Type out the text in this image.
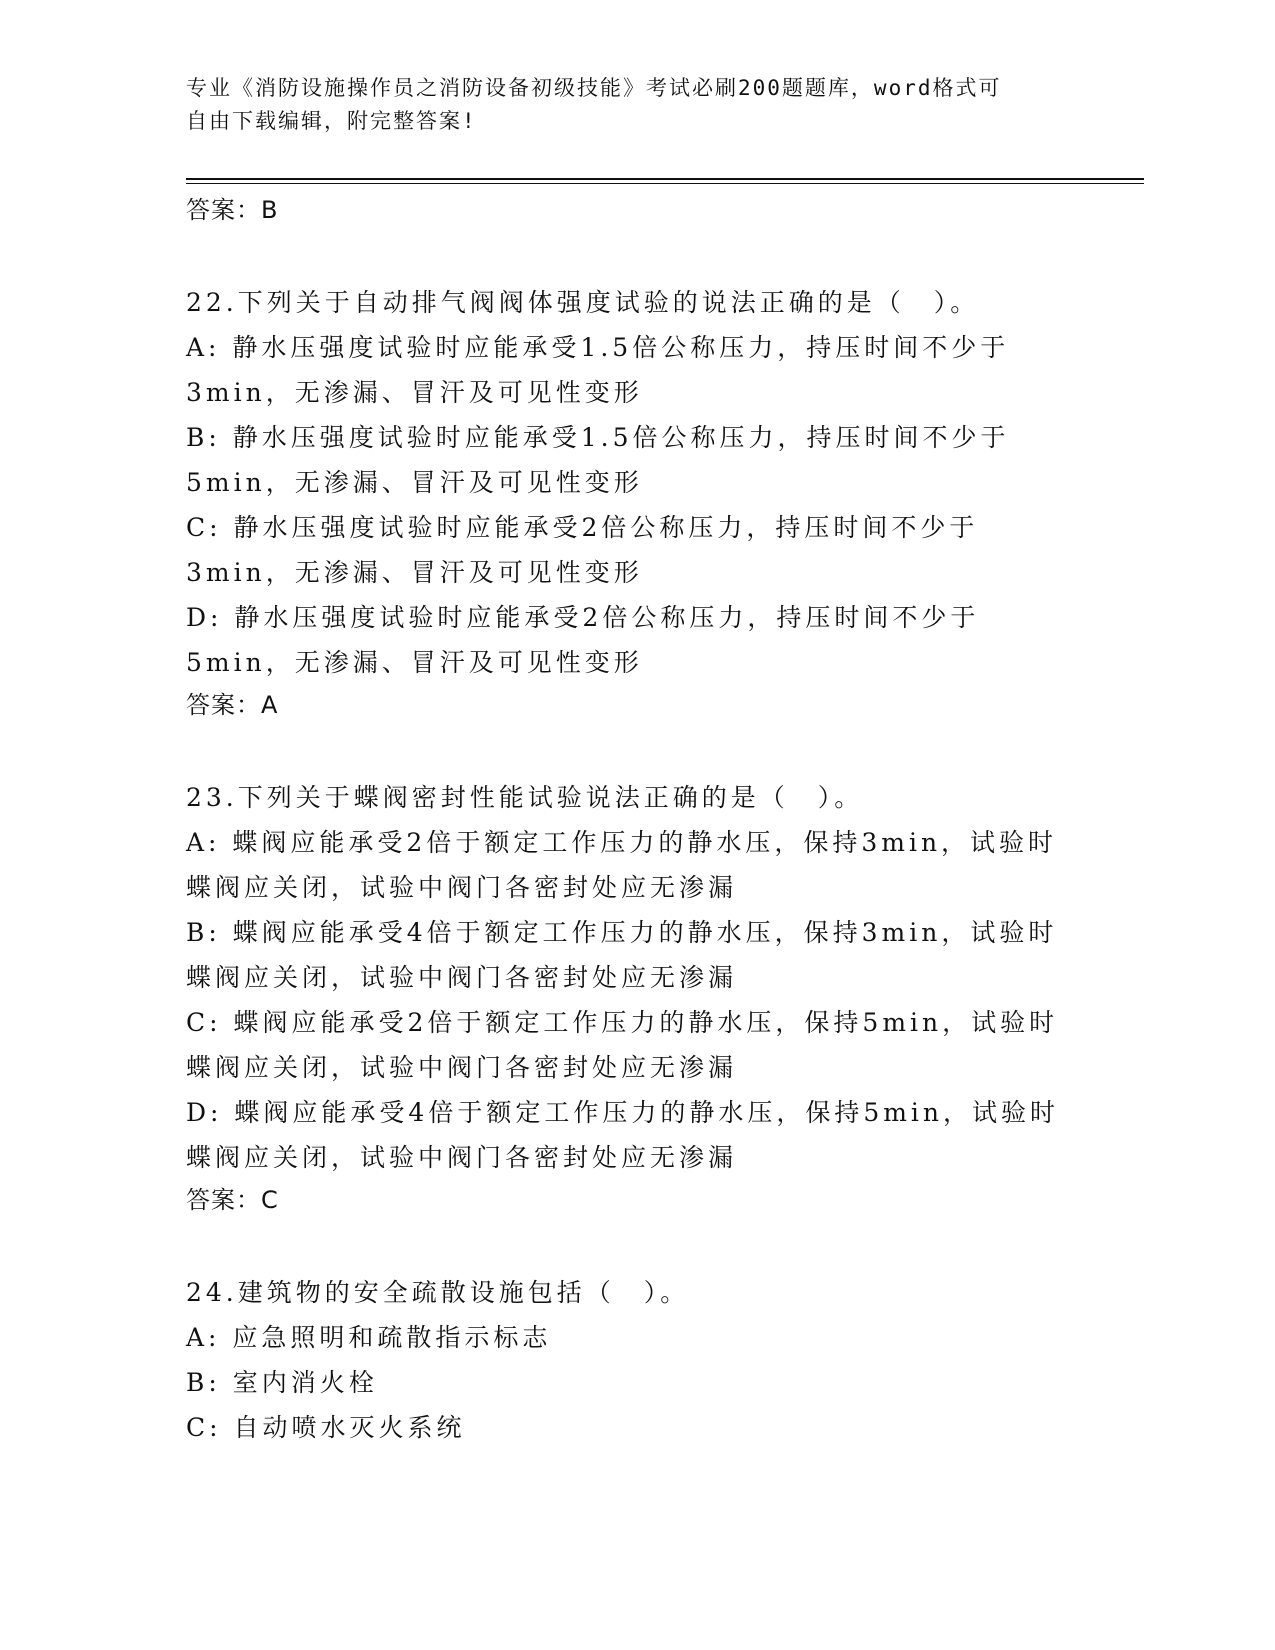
专业《消防设施操作员之消防设备初级技能》考试必刷200题题库，word格式可
自由下载编辑，附完整答案!

答案：B

22.下列关于自动排气阀阀体强度试验的说法正确的是（　）。
A: 静水压强度试验时应能承受1.5倍公称压力，持压时间不少于3min，无渗漏、冒汗及可见性变形
B: 静水压强度试验时应能承受1.5倍公称压力，持压时间不少于5min，无渗漏、冒汗及可见性变形
C: 静水压强度试验时应能承受2倍公称压力，持压时间不少于3min，无渗漏、冒汗及可见性变形
D: 静水压强度试验时应能承受2倍公称压力，持压时间不少于5min，无渗漏、冒汗及可见性变形

答案：A

23.下列关于蝶阀密封性能试验说法正确的是（　）。
A: 蝶阀应能承受2倍于额定工作压力的静水压，保持3min，试验时蝶阀应关闭，试验中阀门各密封处应无渗漏
B: 蝶阀应能承受4倍于额定工作压力的静水压，保持3min，试验时蝶阀应关闭，试验中阀门各密封处应无渗漏
C: 蝶阀应能承受2倍于额定工作压力的静水压，保持5min，试验时蝶阀应关闭，试验中阀门各密封处应无渗漏
D: 蝶阀应能承受4倍于额定工作压力的静水压，保持5min，试验时蝶阀应关闭，试验中阀门各密封处应无渗漏

答案：C

24.建筑物的安全疏散设施包括（　）。
A: 应急照明和疏散指示标志
B: 室内消火栓
C: 自动喷水灭火系统
